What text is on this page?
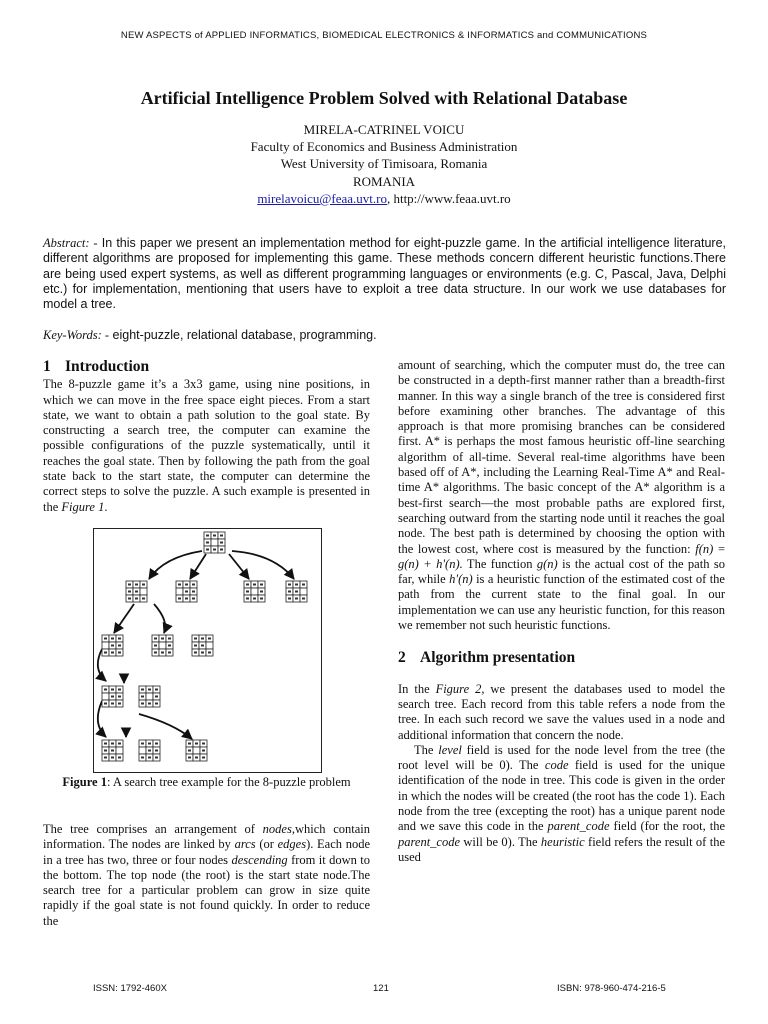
NEW ASPECTS of APPLIED INFORMATICS, BIOMEDICAL ELECTRONICS & INFORMATICS and COMMUNICATIONS
Artificial Intelligence Problem Solved with Relational Database
MIRELA-CATRINEL VOICU
Faculty of Economics and Business Administration
West University of Timisoara, Romania
ROMANIA
mirelavoicu@feaa.uvt.ro, http://www.feaa.uvt.ro
Abstract: - In this paper we present an implementation method for eight-puzzle game. In the artificial intelligence literature, different algorithms are proposed for implementing this game. These methods concern different heuristic functions.There are being used expert systems, as well as different programming languages or environments (e.g. C, Pascal, Java, Delphi etc.) for implementation, mentioning that users have to exploit a tree data structure. In our work we use databases for model a tree.
Key-Words: - eight-puzzle, relational database, programming.
1 Introduction

The 8-puzzle game it’s a 3x3 game, using nine positions, in which we can move in the free space eight pieces. From a start state, we want to obtain a path solution to the goal state. By constructing a search tree, the computer can examine the possible configurations of the puzzle systematically, until it reaches the goal state. Then by following the path from the goal state back to the start state, the computer can determine the correct steps to solve the puzzle. A such example is presented in the Figure 1.

Figure 1: A search tree example for the 8-puzzle problem

The tree comprises an arrangement of nodes,which contain information. The nodes are linked by arcs (or edges). Each node in a tree has two, three or four nodes descending from it down to the bottom. The top node (the root) is the start state node.The search tree for a particular problem can grow in size quite rapidly if the goal state is not found quickly. In order to reduce the

amount of searching, which the computer must do, the tree can be constructed in a depth-first manner rather than a breadth-first manner. In this way a single branch of the tree is considered first before examining other branches. The advantage of this approach is that more promising branches can be considered first. A* is perhaps the most famous heuristic off-line searching algorithm of all-time. Several real-time algorithms have been based off of A*, including the Learning Real-Time A* and Real-time A* algorithms. The basic concept of the A* algorithm is a best-first search—the most probable paths are explored first, searching outward from the starting node until it reaches the goal node. The best path is determined by choosing the option with the lowest cost, where cost is measured by the function: f(n) = g(n) + h'(n). The function g(n) is the actual cost of the path so far, while h'(n) is a heuristic function of the estimated cost of the path from the current state to the final goal. In our implementation we can use any heuristic function, for this reason we remember not such heuristic functions.

2 Algorithm presentation

In the Figure 2, we present the databases used to model the search tree. Each record from this table refers a node from the tree. In each such record we save the values used in a node and additional information that concern the node.

The level field is used for the node level from the tree (the root level will be 0). The code field is used for the unique identification of the node in tree. This code is given in the order in which the nodes will be created (the root has the code 1). Each node from the tree (excepting the root) has a unique parent node and we save this code in the parent_code field (for the root, the parent_code will be 0). The heuristic field refers the result of the used

ISSN: 1792-460X	121	ISBN: 978-960-474-216-5
